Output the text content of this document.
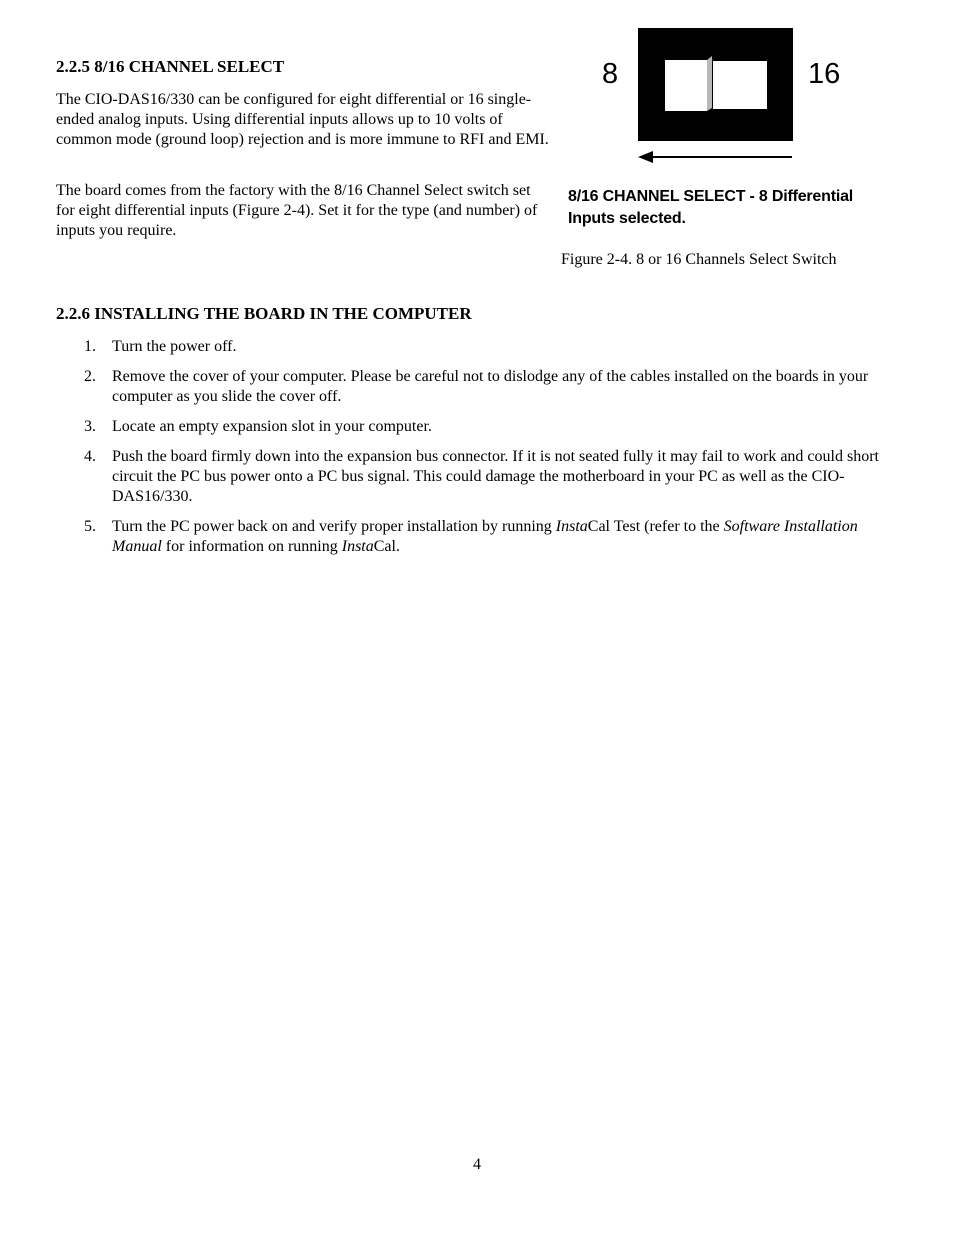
2.2.5 8/16 CHANNEL SELECT

The CIO-DAS16/330 can be configured for eight differential or 16 single-ended analog inputs. Using differential inputs allows up to 10 volts of common mode (ground loop) rejection and is more immune to RFI and EMI.

The board comes from the factory with the 8/16 Channel Select switch set for eight differential inputs (Figure 2-4). Set it for the type (and number) of inputs you require.

8	16
8/16 CHANNEL SELECT - 8 Differential Inputs selected.
Figure 2-4. 8 or 16 Channels Select Switch
2.2.6 INSTALLING THE BOARD IN THE COMPUTER
1. Turn the power off.
2. Remove the cover of your computer. Please be careful not to dislodge any of the cables installed on the boards in your computer as you slide the cover off.
3. Locate an empty expansion slot in your computer.
4. Push the board firmly down into the expansion bus connector. If it is not seated fully it may fail to work and could short circuit the PC bus power onto a PC bus signal. This could damage the motherboard in your PC as well as the CIO-DAS16/330.
5. Turn the PC power back on and verify proper installation by running InstaCal Test (refer to the Software Installation Manual for information on running InstaCal.
4
